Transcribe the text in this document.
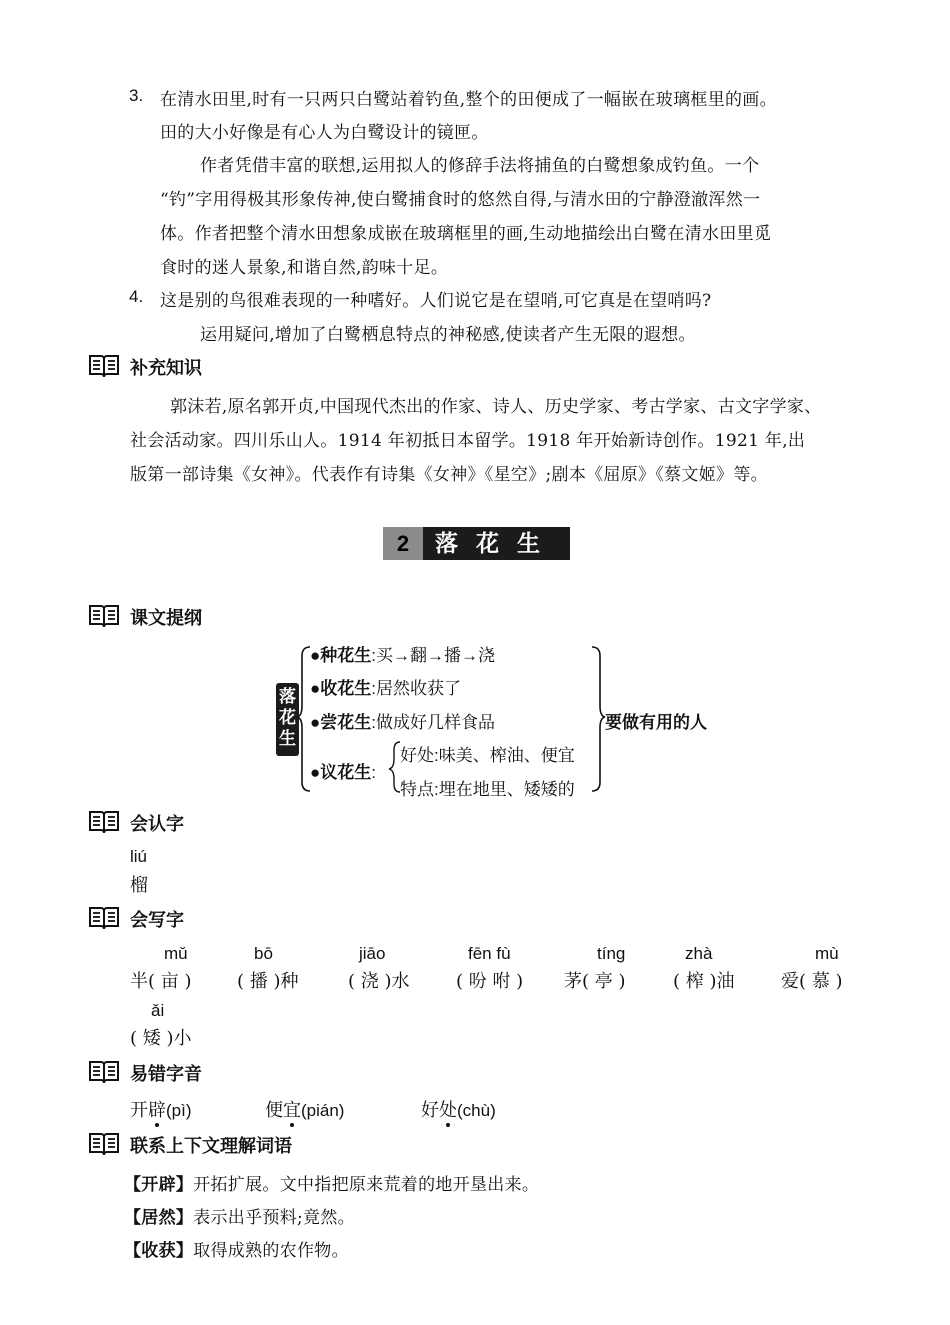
3. 在清水田里,时有一只两只白鹭站着钓鱼,整个的田便成了一幅嵌在玻璃框里的画。
田的大小好像是有心人为白鹭设计的镜匣。
作者凭借丰富的联想,运用拟人的修辞手法将捕鱼的白鹭想象成钓鱼。一个
“钓”字用得极其形象传神,使白鹭捕食时的悠然自得,与清水田的宁静澄澈浑然一
体。作者把整个清水田想象成嵌在玻璃框里的画,生动地描绘出白鹭在清水田里觅
食时的迷人景象,和谐自然,韵味十足。
4. 这是别的鸟很难表现的一种嗜好。人们说它是在望哨,可它真是在望哨吗?
运用疑问,增加了白鹭栖息特点的神秘感,使读者产生无限的遐想。
补充知识
郭沫若,原名郭开贞,中国现代杰出的作家、诗人、历史学家、考古学家、古文字学家、
社会活动家。四川乐山人。1914 年初抵日本留学。1918 年开始新诗创作。1921 年,出
版第一部诗集《女神》。代表作有诗集《女神》《星空》;剧本《屈原》《蔡文姬》等。
2	落花生
课文提纲
落花生
●种花生:买→翻→播→浇
●收花生:居然收获了
●尝花生:做成好几样食品
●议花生:
好处:味美、榨油、便宜
特点:埋在地里、矮矮的
要做有用的人
会认字
liú
榴
会写字
mǔ	bō	jiāo	fēn fù	tíng	zhà	mù
半( 亩 )	( 播 )种	( 浇 )水	( 吩 咐 ) 茅( 亭 )	( 榨 )油	爱( 慕 )
ǎi
( 矮 )小
易错字音
开辟(pì)	便宜(pián)	好处(chù)
联系上下文理解词语
【开辟】开拓扩展。文中指把原来荒着的地开垦出来。
【居然】表示出乎预料;竟然。
【收获】取得成熟的农作物。
